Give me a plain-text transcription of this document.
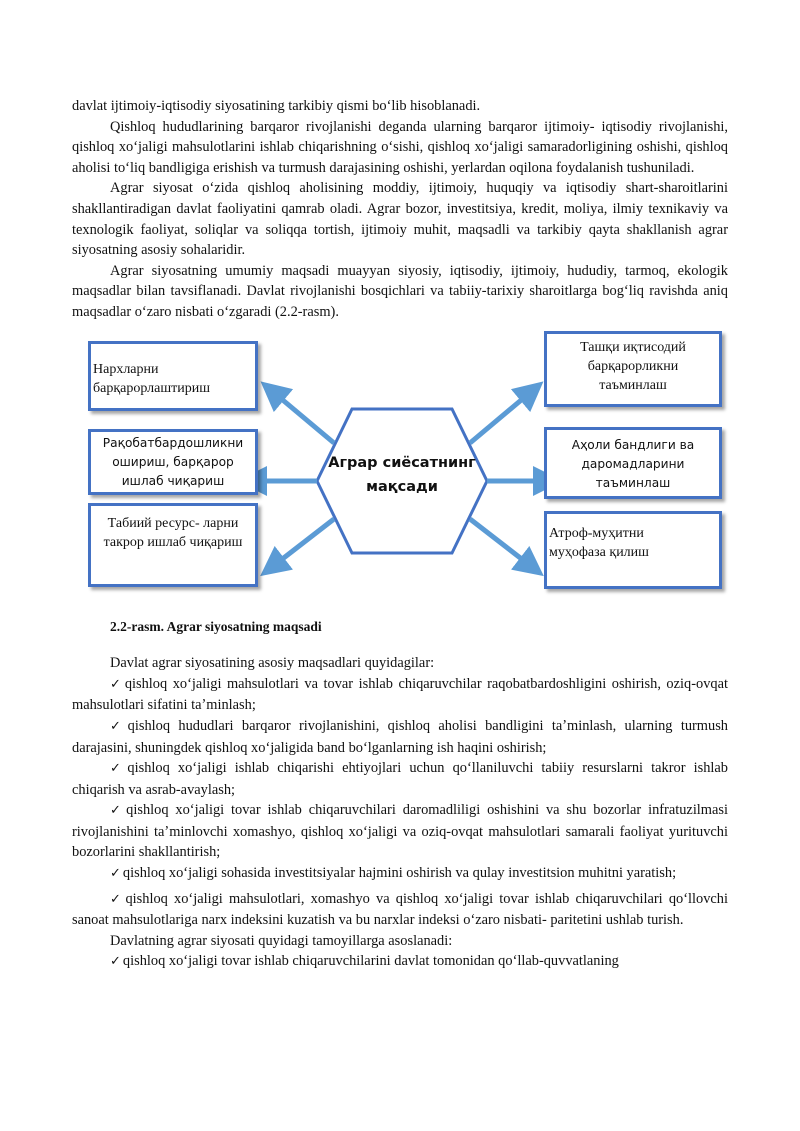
davlat ijtimoiy-iqtisodiy siyosatining tarkibiy qismi boʻlib hisoblanadi.

Qishloq hududlarining barqaror rivojlanishi deganda ularning barqaror ijtimoiy- iqtisodiy rivojlanishi, qishloq xoʻjaligi mahsulotlarini ishlab chiqarishning oʻsishi, qishloq xoʻjaligi samaradorligining oshishi, qishloq aholisi toʻliq bandligiga erishish va turmush darajasining oshishi, yerlardan oqilona foydalanish tushuniladi.

Agrar siyosat oʻzida qishloq aholisining moddiy, ijtimoiy, huquqiy va iqtisodiy shart-sharoitlarini shakllantiradigan davlat faoliyatini qamrab oladi. Agrar bozor, investitsiya, kredit, moliya, ilmiy texnikaviy va texnologik faoliyat, soliqlar va soliqqa tortish, ijtimoiy muhit, maqsadli va tarkibiy qayta shakllanish agrar siyosatning asosiy sohalaridir.

Agrar siyosatning umumiy maqsadi muayyan siyosiy, iqtisodiy, ijtimoiy, hududiy, tarmoq, ekologik maqsadlar bilan tavsiflanadi. Davlat rivojlanishi bosqichlari va tabiiy-tarixiy sharoitlarga bogʻliq ravishda aniq maqsadlar oʻzaro nisbati oʻzgaradi (2.2-rasm).

Аграр сиёсатнинг мақсади
Нархларни барқарорлаштириш
Рақобатбардошликни ошириш, барқарор ишлаб чиқариш
Табиий ресурс- ларни такрор ишлаб чиқариш
Ташқи иқтисодий барқарорликни таъминлаш
Аҳоли бандлиги ва даромадларини таъминлаш
Атроф-муҳитни муҳофаза қилиш

2.2-rasm. Agrar siyosatning maqsadi

Davlat agrar siyosatining asosiy maqsadlari quyidagilar:

✓ qishloq xoʻjaligi mahsulotlari va tovar ishlab chiqaruvchilar raqobatbardoshligini oshirish, oziq-ovqat mahsulotlari sifatini taʼminlash;

✓ qishloq hududlari barqaror rivojlanishini, qishloq aholisi bandligini taʼminlash, ularning turmush darajasini, shuningdek qishloq xoʻjaligida band boʻlganlarning ish haqini oshirish;

✓ qishloq xoʻjaligi ishlab chiqarishi ehtiyojlari uchun qoʻllaniluvchi tabiiy resurslarni takror ishlab chiqarish va asrab-avaylash;

✓ qishloq xoʻjaligi tovar ishlab chiqaruvchilari daromadliligi oshishini va shu bozorlar infratuzilmasi rivojlanishini taʼminlovchi xomashyo, qishloq xoʻjaligi va oziq-ovqat mahsulotlari samarali faoliyat yurituvchi bozorlarini shakllantirish;

✓ qishloq xoʻjaligi sohasida investitsiyalar hajmini oshirish va qulay investitsion muhitni yaratish;

✓ qishloq xoʻjaligi mahsulotlari, xomashyo va qishloq xoʻjaligi tovar ishlab chiqaruvchilari qoʻllovchi sanoat mahsulotlariga narx indeksini kuzatish va bu narxlar indeksi oʻzaro nisbati- paritetini ushlab turish.

Davlatning agrar siyosati quyidagi tamoyillarga asoslanadi:

✓ qishloq xoʻjaligi tovar ishlab chiqaruvchilarini davlat tomonidan qoʻllab-quvvatlaning
